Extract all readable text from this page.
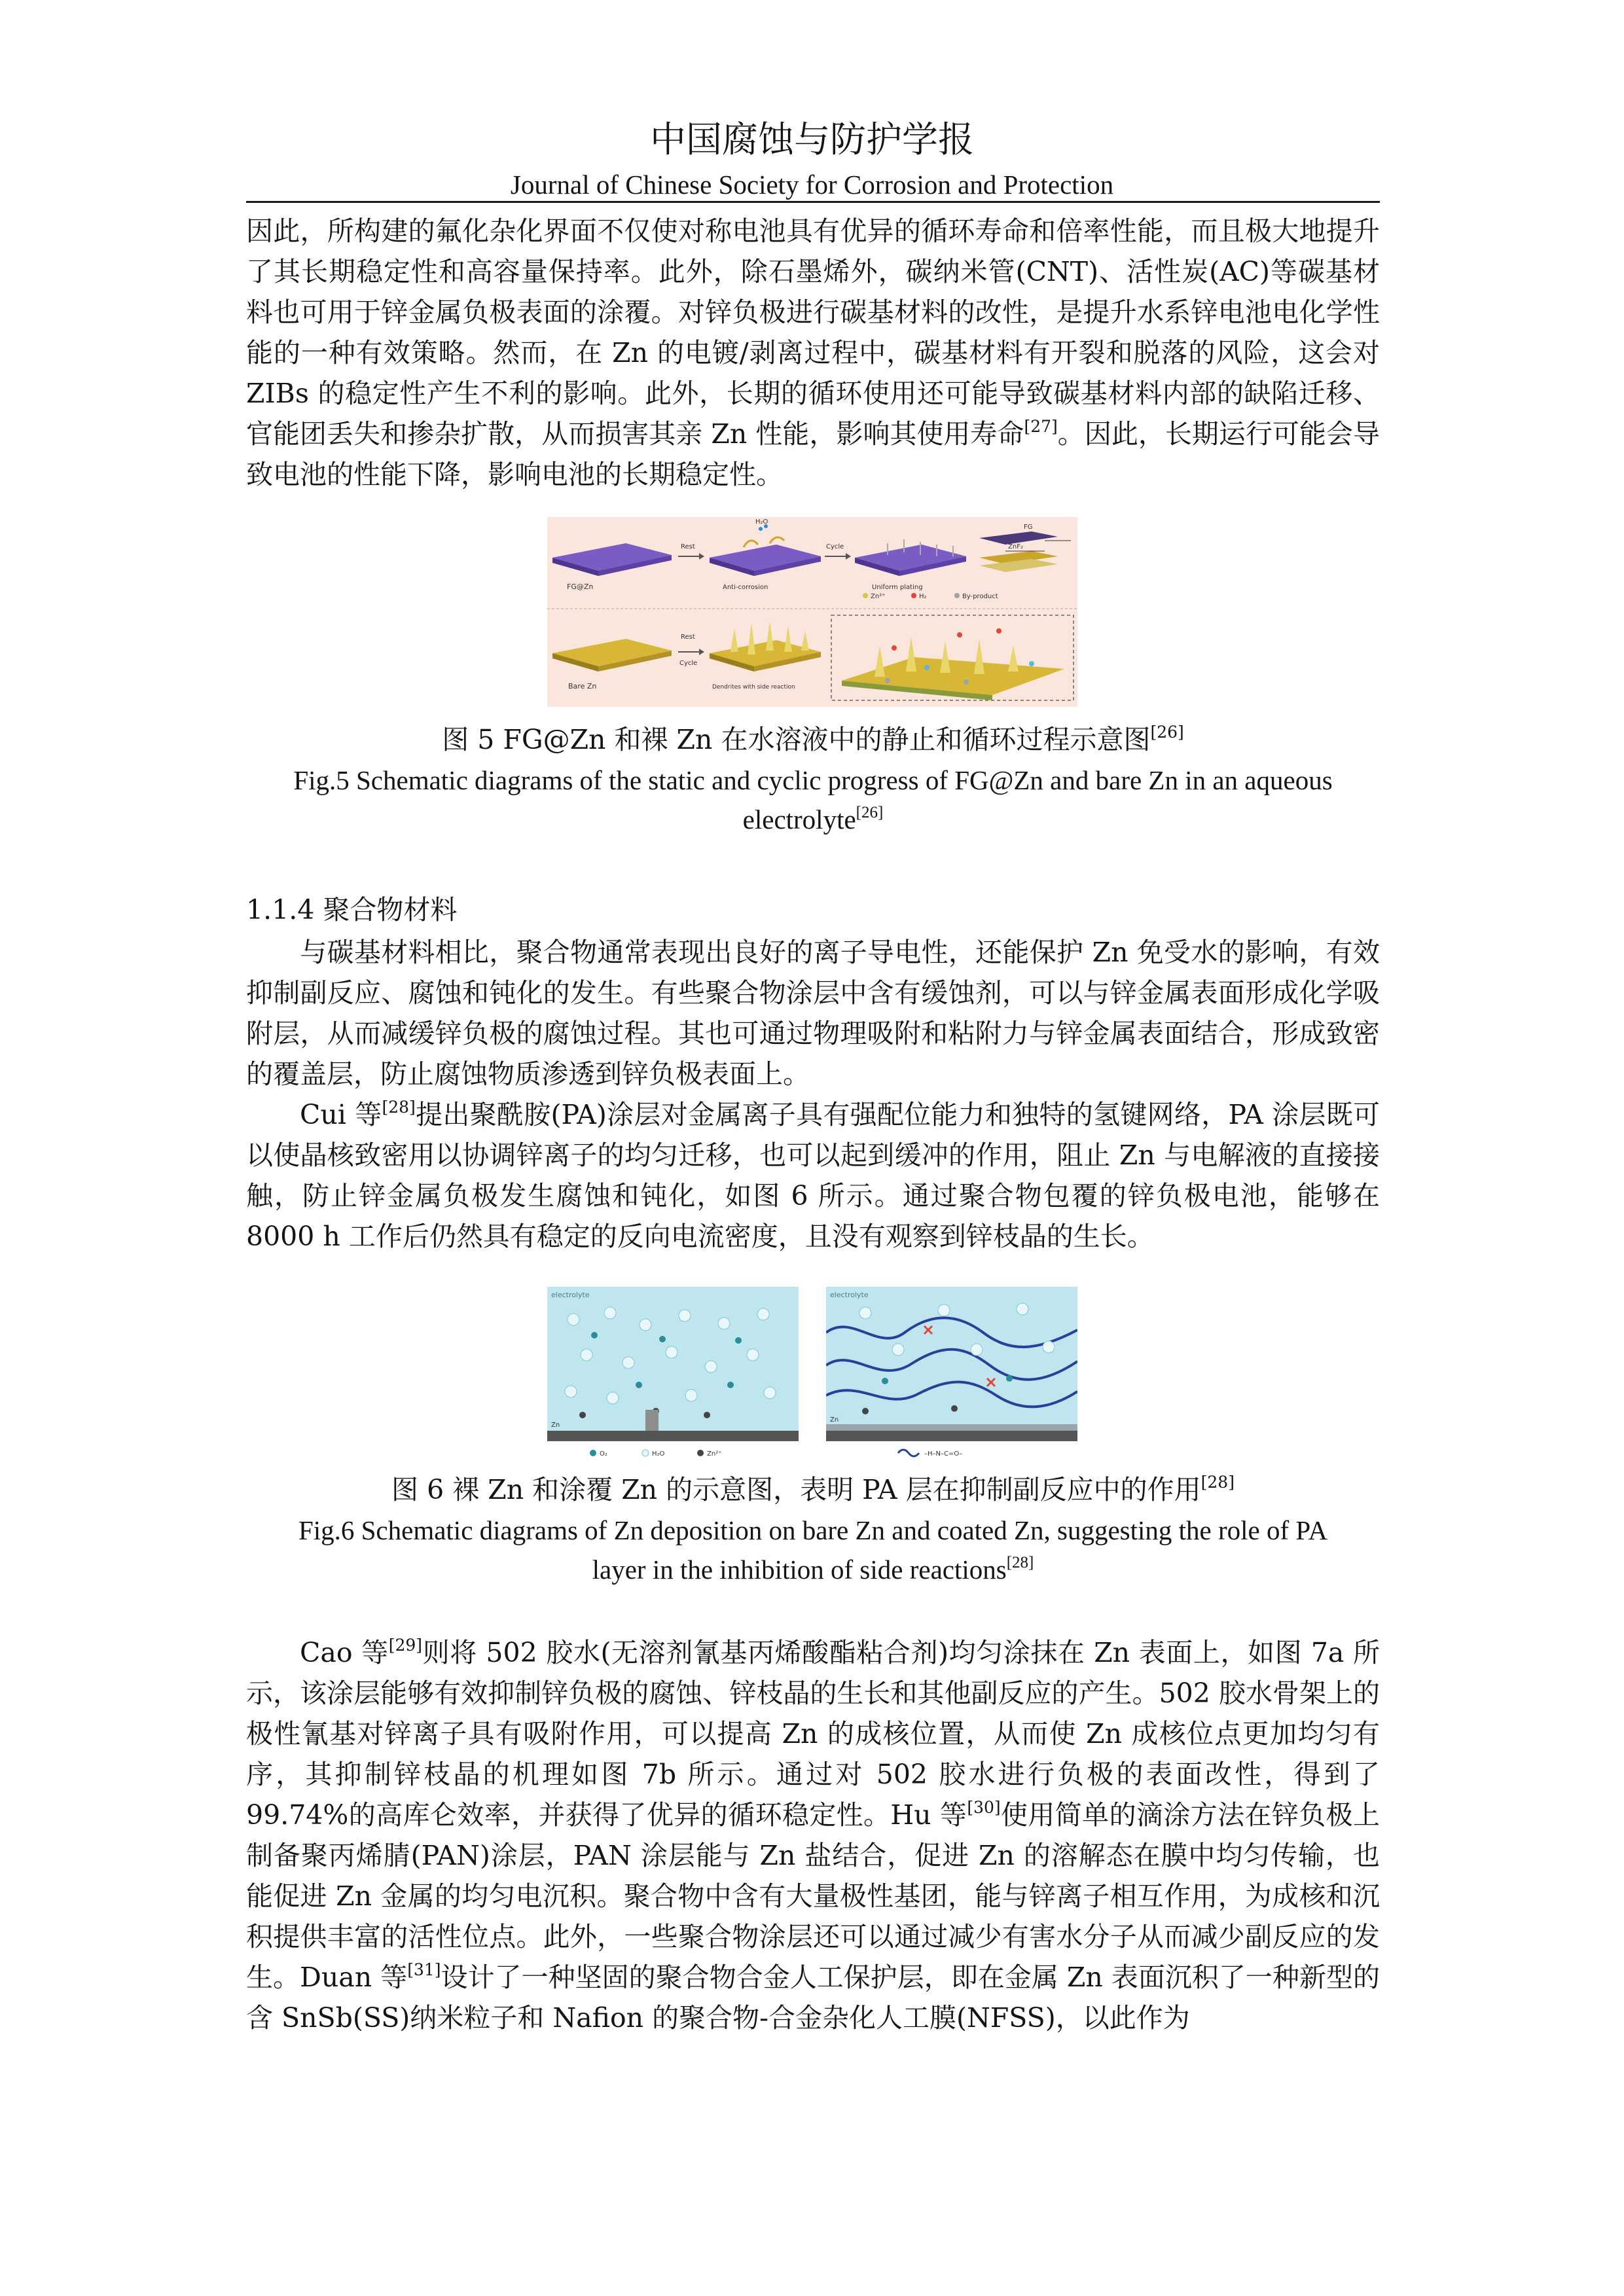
中国腐蚀与防护学报
Journal of Chinese Society for Corrosion and Protection

因此，所构建的氟化杂化界面不仅使对称电池具有优异的循环寿命和倍率性能，而且极大地提升了其长期稳定性和高容量保持率。此外，除石墨烯外，碳纳米管(CNT)、活性炭(AC)等碳基材料也可用于锌金属负极表面的涂覆。对锌负极进行碳基材料的改性，是提升水系锌电池电化学性能的一种有效策略。然而，在 Zn 的电镀/剥离过程中，碳基材料有开裂和脱落的风险，这会对 ZIBs 的稳定性产生不利的影响。此外，长期的循环使用还可能导致碳基材料内部的缺陷迁移、官能团丢失和掺杂扩散，从而损害其亲 Zn 性能，影响其使用寿命[27]。因此，长期运行可能会导致电池的性能下降，影响电池的长期稳定性。

FG@Zn
Rest
H₂O
Anti-corrosion
Cycle
Uniform plating
FG
ZnF₂
Zn²⁺	H₂	By-product
Bare Zn
Rest
Cycle
Dendrites with side reaction

图 5 FG@Zn 和裸 Zn 在水溶液中的静止和循环过程示意图[26]

Fig.5 Schematic diagrams of the static and cyclic progress of FG@Zn and bare Zn in an aqueous
electrolyte[26]

1.1.4 聚合物材料

与碳基材料相比，聚合物通常表现出良好的离子导电性，还能保护 Zn 免受水的影响，有效抑制副反应、腐蚀和钝化的发生。有些聚合物涂层中含有缓蚀剂，可以与锌金属表面形成化学吸附层，从而减缓锌负极的腐蚀过程。其也可通过物理吸附和粘附力与锌金属表面结合，形成致密的覆盖层，防止腐蚀物质渗透到锌负极表面上。

Cui 等[28]提出聚酰胺(PA)涂层对金属离子具有强配位能力和独特的氢键网络，PA 涂层既可以使晶核致密用以协调锌离子的均匀迁移，也可以起到缓冲的作用，阻止 Zn 与电解液的直接接触，防止锌金属负极发生腐蚀和钝化，如图 6 所示。通过聚合物包覆的锌负极电池，能够在 8000 h 工作后仍然具有稳定的反向电流密度，且没有观察到锌枝晶的生长。

electrolyte
Zn
O₂	H₂O	Zn²⁺
electrolyte
Zn
–H–N–C=O–

图 6 裸 Zn 和涂覆 Zn 的示意图，表明 PA 层在抑制副反应中的作用[28]

Fig.6 Schematic diagrams of Zn deposition on bare Zn and coated Zn, suggesting the role of PA
layer in the inhibition of side reactions[28]

Cao 等[29]则将 502 胶水(无溶剂氰基丙烯酸酯粘合剂)均匀涂抹在 Zn 表面上，如图 7a 所示，该涂层能够有效抑制锌负极的腐蚀、锌枝晶的生长和其他副反应的产生。502 胶水骨架上的极性氰基对锌离子具有吸附作用，可以提高 Zn 的成核位置，从而使 Zn 成核位点更加均匀有序，其抑制锌枝晶的机理如图 7b 所示。通过对 502 胶水进行负极的表面改性，得到了 99.74%的高库仑效率，并获得了优异的循环稳定性。Hu 等[30]使用简单的滴涂方法在锌负极上制备聚丙烯腈(PAN)涂层，PAN 涂层能与 Zn 盐结合，促进 Zn 的溶解态在膜中均匀传输，也能促进 Zn 金属的均匀电沉积。聚合物中含有大量极性基团，能与锌离子相互作用，为成核和沉积提供丰富的活性位点。此外，一些聚合物涂层还可以通过减少有害水分子从而减少副反应的发生。Duan 等[31]设计了一种坚固的聚合物合金人工保护层，即在金属 Zn 表面沉积了一种新型的含 SnSb(SS)纳米粒子和 Nafion 的聚合物-合金杂化人工膜(NFSS)，以此作为
